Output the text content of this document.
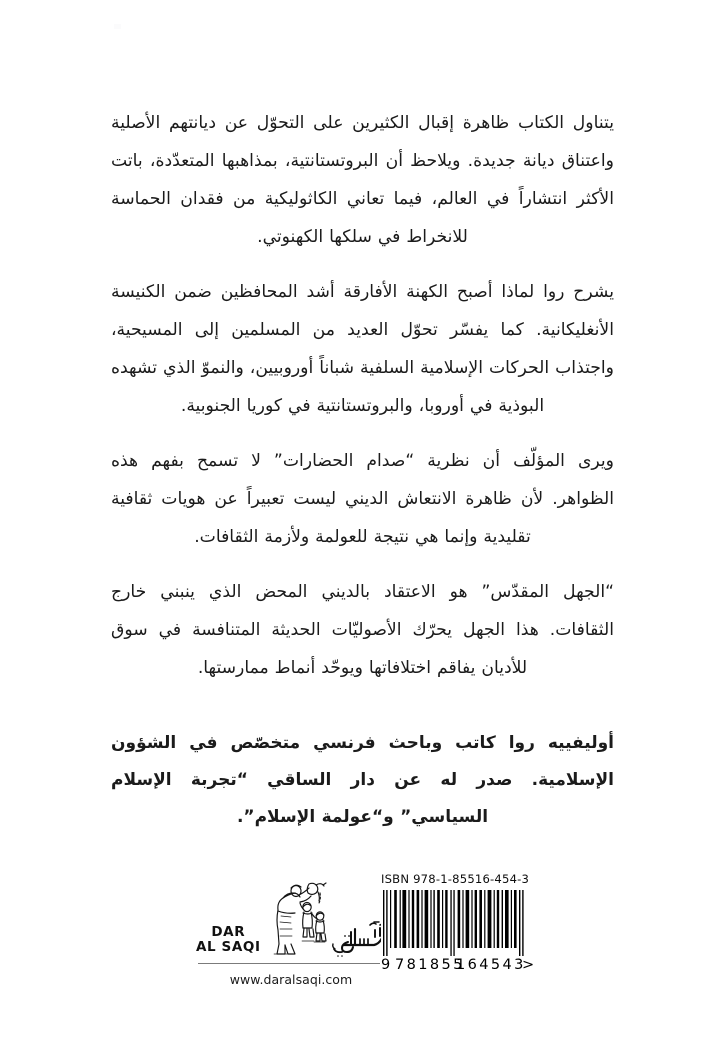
يتناول الكتاب ظاهرة إقبال الكثيرين على التحوّل عن ديانتهم الأصلية واعتناق ديانة جديدة. ويلاحظ أن البروتستانتية، بمذاهبها المتعدّدة، باتت الأكثر انتشاراً في العالم، فيما تعاني الكاثوليكية من فقدان الحماسة للانخراط في سلكها الكهنوتي.

يشرح روا لماذا أصبح الكهنة الأفارقة أشد المحافظين ضمن الكنيسة الأنغليكانية. كما يفسّر تحوّل العديد من المسلمين إلى المسيحية، واجتذاب الحركات الإسلامية السلفية شباناً أوروبيين، والنموّ الذي تشهده البوذية في أوروبا، والبروتستانتية في كوريا الجنوبية.

ويرى المؤلّف أن نظرية “صدام الحضارات” لا تسمح بفهم هذه الظواهر. لأن ظاهرة الانتعاش الديني ليست تعبيراً عن هويات ثقافية تقليدية وإنما هي نتيجة للعولمة ولأزمة الثقافات.

“الجهل المقدّس” هو الاعتقاد بالديني المحض الذي ينبني خارج الثقافات. هذا الجهل يحرّك الأصوليّات الحديثة المتنافسة في سوق للأديان يفاقم اختلافاتها ويوحّد أنماط ممارستها.

أوليفييه روا كاتب وباحث فرنسي متخصّص في الشؤون الإسلامية. صدر له عن دار الساقي “تجربة الإسلام السياسي” و“عولمة الإسلام”.

DAR
AL SAQI
www.daralsaqi.com
ISBN 978-1-85516-454-3
9 781855
164543
>
